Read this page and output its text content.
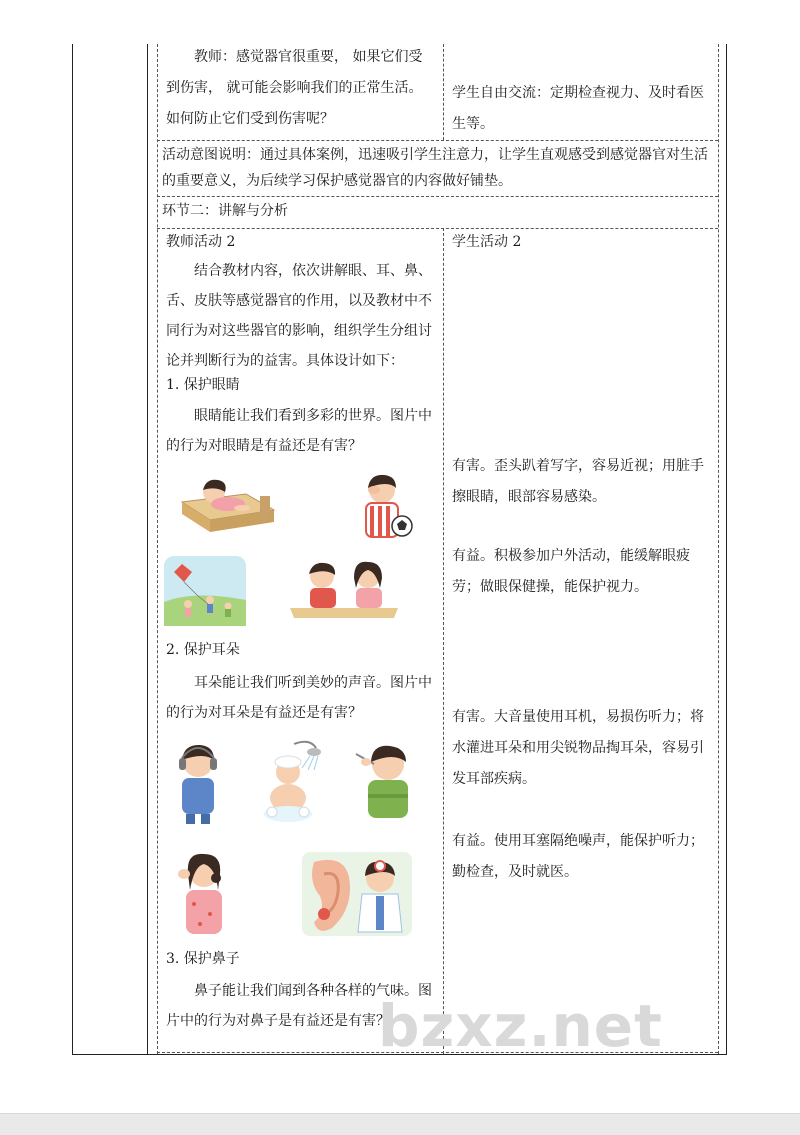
教师：感觉器官很重要， 如果它们受到伤害， 就可能会影响我们的正常生活。如何防止它们受到伤害呢？
学生自由交流：定期检查视力、及时看医生等。
活动意图说明：通过具体案例，迅速吸引学生注意力，让学生直观感受到感觉器官对生活的重要意义，为后续学习保护感觉器官的内容做好铺垫。
环节二：讲解与分析
教师活动 2
结合教材内容，依次讲解眼、耳、鼻、舌、皮肤等感觉器官的作用，以及教材中不同行为对这些器官的影响，组织学生分组讨论并判断行为的益害。具体设计如下：
学生活动 2
1. 保护眼睛
眼睛能让我们看到多彩的世界。图片中的行为对眼睛是有益还是有害？
有害。歪头趴着写字，容易近视；用脏手擦眼睛，眼部容易感染。
有益。积极参加户外活动，能缓解眼疲劳；做眼保健操，能保护视力。
2. 保护耳朵
耳朵能让我们听到美妙的声音。图片中的行为对耳朵是有益还是有害？	有害。大音量使用耳机，易损伤听力；将水灌进耳朵和用尖锐物品掏耳朵，容易引发耳部疾病。
有益。使用耳塞隔绝噪声，能保护听力；勤检查，及时就医。
3. 保护鼻子
鼻子能让我们闻到各种各样的气味。图片中的行为对鼻子是有益还是有害？
bzxz.net
